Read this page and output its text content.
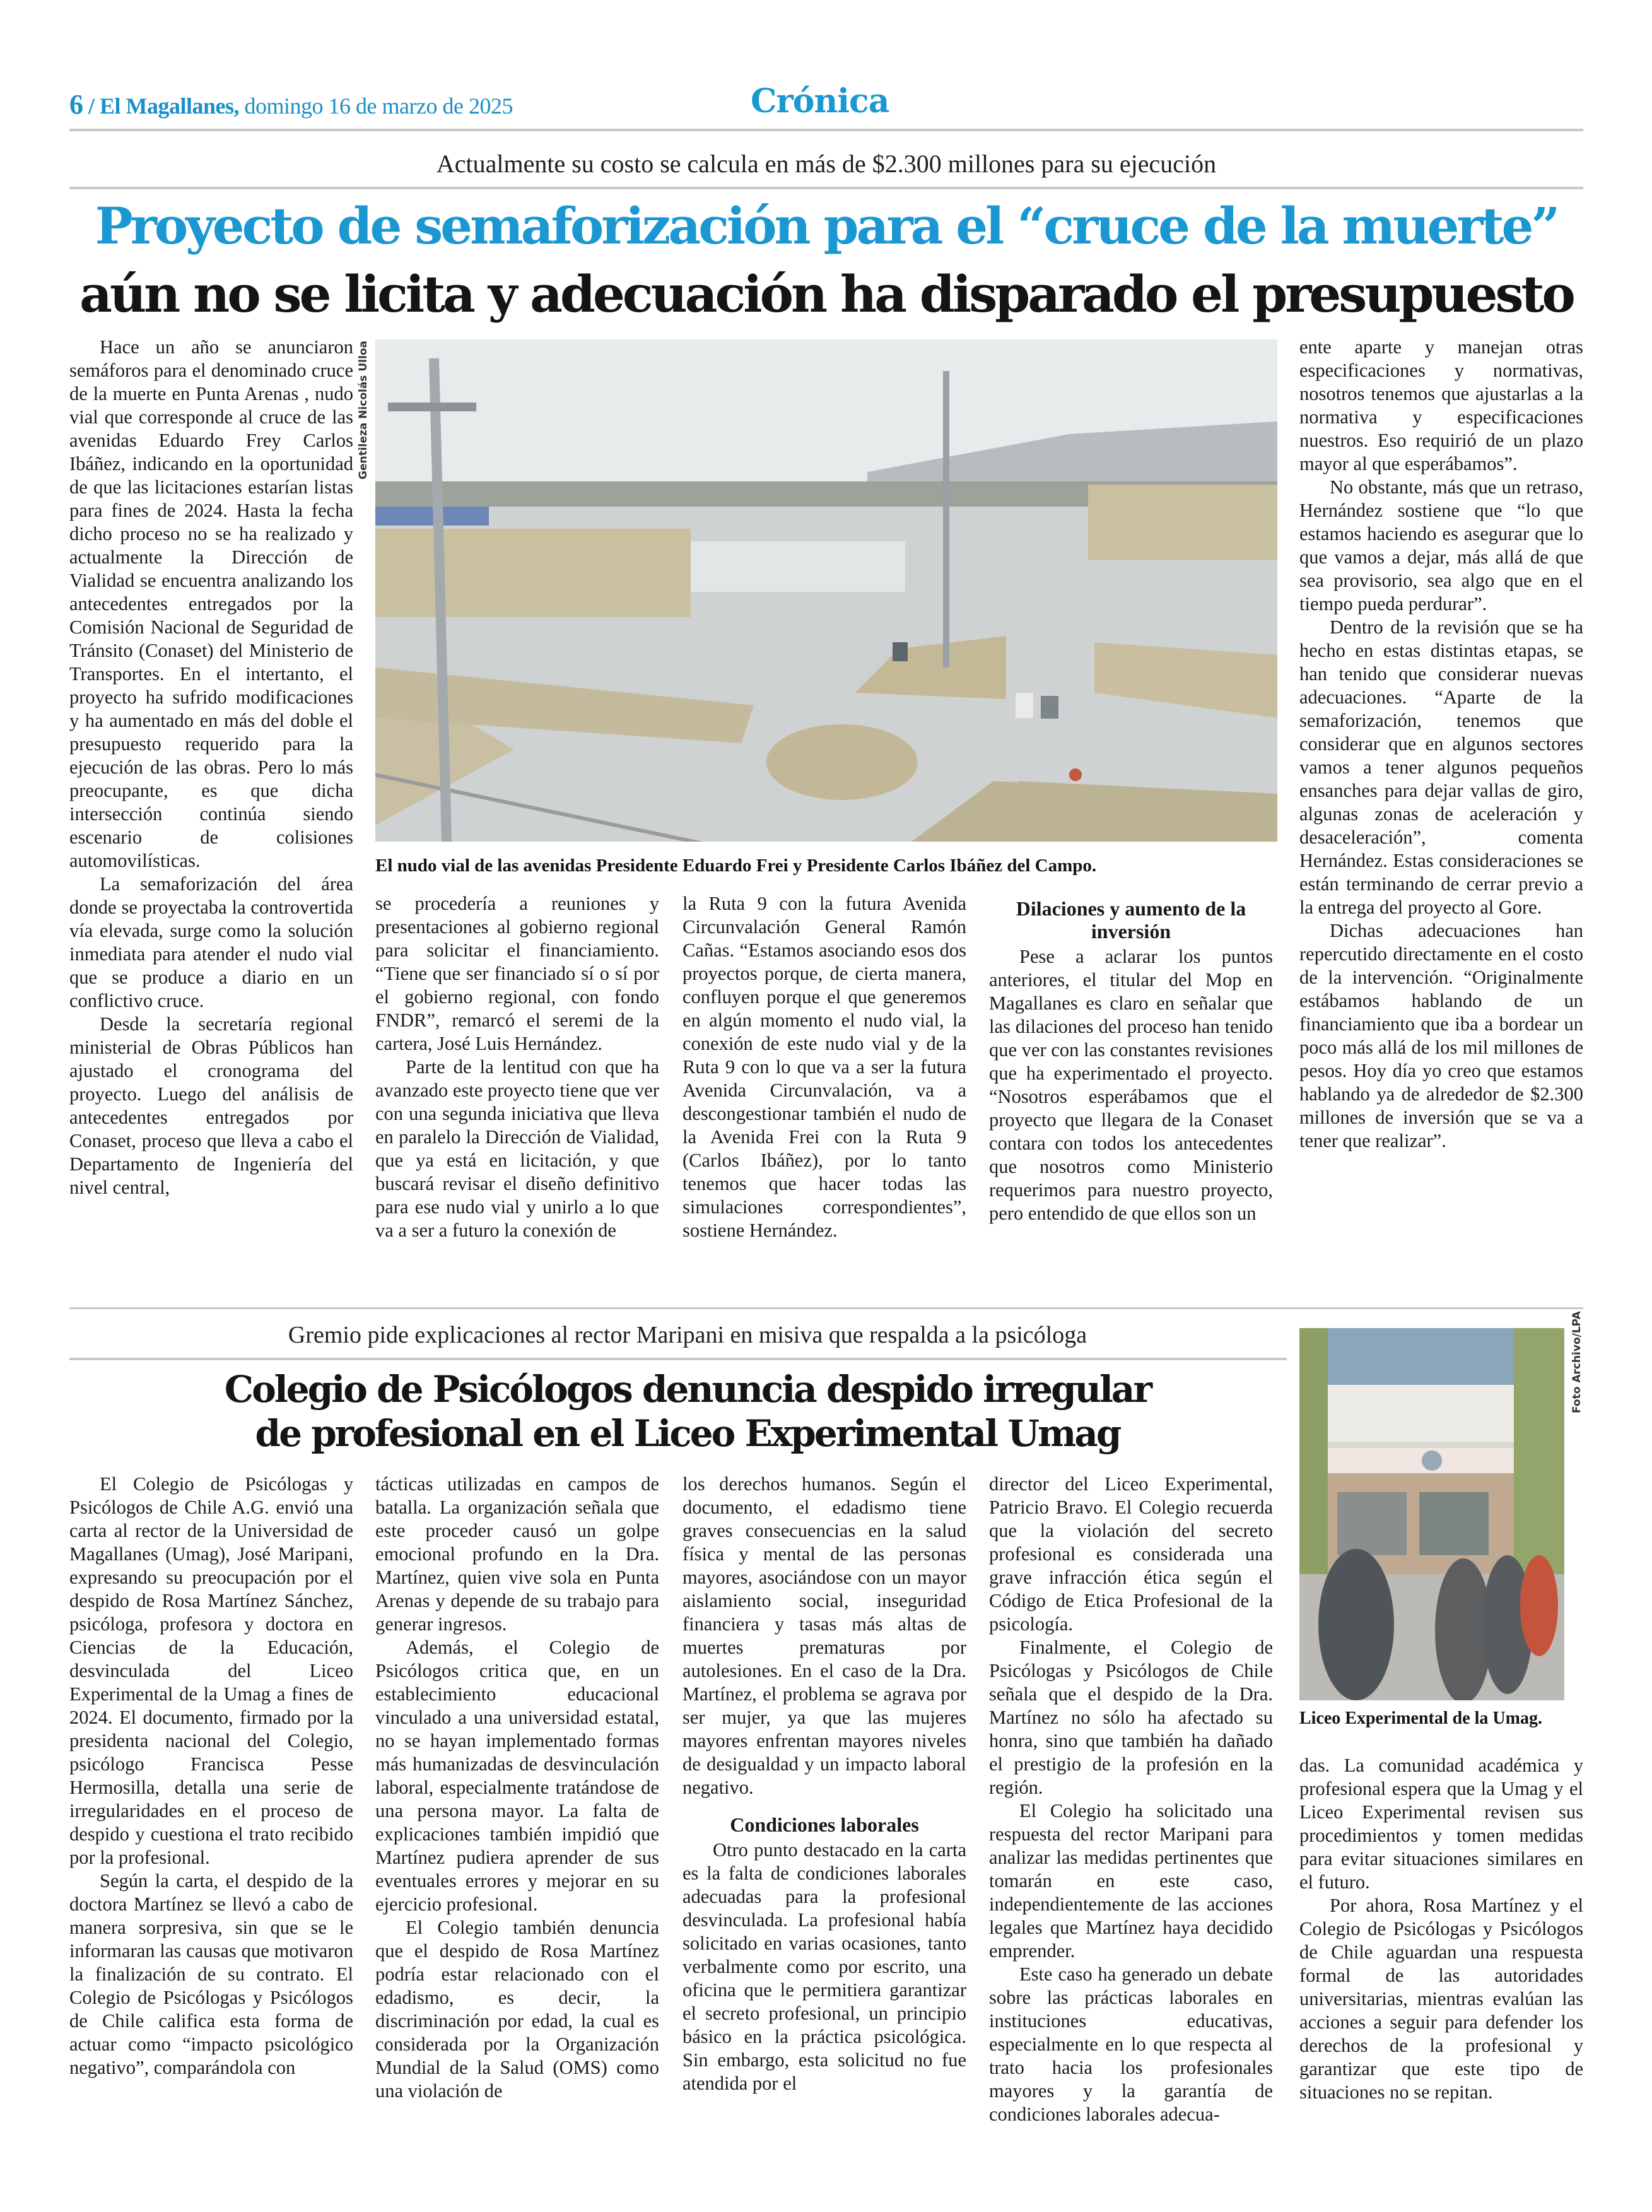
6 / El Magallanes, domingo 16 de marzo de 2025	Crónica
Actualmente su costo se calcula en más de $2.300 millones para su ejecución
Proyecto de semaforización para el “cruce de la muerte”
aún no se licita y adecuación ha disparado el presupuesto

Hace un año se anunciaron semáforos para el denominado cruce de la muerte en Punta Arenas , nudo vial que corresponde al cruce de las avenidas Eduardo Frey Carlos Ibáñez, indicando en la oportunidad de que las licitaciones estarían listas para fines de 2024. Hasta la fecha dicho proceso no se ha realizado y actualmente la Dirección de Vialidad se encuentra analizando los antecedentes entregados por la Comisión Nacional de Seguridad de Tránsito (Conaset) del Ministerio de Transportes. En el intertanto, el proyecto ha sufrido modificaciones y ha aumentado en más del doble el presupuesto requerido para la ejecución de las obras. Pero lo más preocupante, es que dicha intersección continúa siendo escenario de colisiones automovilísticas.

La semaforización del área donde se proyectaba la controvertida vía elevada, surge como la solución inmediata para atender el nudo vial que se produce a diario en un conflictivo cruce.

Desde la secretaría regional ministerial de Obras Públicos han ajustado el cronograma del proyecto. Luego del análisis de antecedentes entregados por Conaset, proceso que lleva a cabo el Departamento de Ingeniería del nivel central,

Gentileza Nicolás Ulloa
El nudo vial de las avenidas Presidente Eduardo Frei y Presidente Carlos Ibáñez del Campo.

se procedería a reuniones y presentaciones al gobierno regional para solicitar el financiamiento. “Tiene que ser financiado sí o sí por el gobierno regional, con fondo FNDR”, remarcó el seremi de la cartera, José Luis Hernández.

Parte de la lentitud con que ha avanzado este proyecto tiene que ver con una segunda iniciativa que lleva en paralelo la Dirección de Vialidad, que ya está en licitación, y que buscará revisar el diseño definitivo para ese nudo vial y unirlo a lo que va a ser a futuro la conexión de

la Ruta 9 con la futura Avenida Circunvalación General Ramón Cañas. “Estamos asociando esos dos proyectos porque, de cierta manera, confluyen porque el que generemos en algún momento el nudo vial, la conexión de este nudo vial y de la Ruta 9 con lo que va a ser la futura Avenida Circunvalación, va a descongestionar también el nudo de la Avenida Frei con la Ruta 9 (Carlos Ibáñez), por lo tanto tenemos que hacer todas las simulaciones correspondientes”, sostiene Hernández.

Dilaciones y aumento de la inversión

Pese a aclarar los puntos anteriores, el titular del Mop en Magallanes es claro en señalar que las dilaciones del proceso han tenido que ver con las constantes revisiones que ha experimentado el proyecto. “Nosotros esperábamos que el proyecto que llegara de la Conaset contara con todos los antecedentes que nosotros como Ministerio requerimos para nuestro proyecto, pero entendido de que ellos son un

ente aparte y manejan otras especificaciones y normativas, nosotros tenemos que ajustarlas a la normativa y especificaciones nuestros. Eso requirió de un plazo mayor al que esperábamos”.

No obstante, más que un retraso, Hernández sostiene que “lo que estamos haciendo es asegurar que lo que vamos a dejar, más allá de que sea provisorio, sea algo que en el tiempo pueda perdurar”.

Dentro de la revisión que se ha hecho en estas distintas etapas, se han tenido que considerar nuevas adecuaciones. “Aparte de la semaforización, tenemos que considerar que en algunos sectores vamos a tener algunos pequeños ensanches para dejar vallas de giro, algunas zonas de aceleración y desaceleración”, comenta Hernández. Estas consideraciones se están terminando de cerrar previo a la entrega del proyecto al Gore.

Dichas adecuaciones han repercutido directamente en el costo de la intervención. “Originalmente estábamos hablando de un financiamiento que iba a bordear un poco más allá de los mil millones de pesos. Hoy día yo creo que estamos hablando ya de alrededor de $2.300 millones de inversión que se va a tener que realizar”.

Gremio pide explicaciones al rector Maripani en misiva que respalda a la psicóloga
Colegio de Psicólogos denuncia despido irregular
de profesional en el Liceo Experimental Umag
Foto Archivo/LPA
Liceo Experimental de la Umag.

El Colegio de Psicólogas y Psicólogos de Chile A.G. envió una carta al rector de la Universidad de Magallanes (Umag), José Maripani, expresando su preocupación por el despido de Rosa Martínez Sánchez, psicóloga, profesora y doctora en Ciencias de la Educación, desvinculada del Liceo Experimental de la Umag a fines de 2024. El documento, firmado por la presidenta nacional del Colegio, psicólogo Francisca Pesse Hermosilla, detalla una serie de irregularidades en el proceso de despido y cuestiona el trato recibido por la profesional.

Según la carta, el despido de la doctora Martínez se llevó a cabo de manera sorpresiva, sin que se le informaran las causas que motivaron la finalización de su contrato. El Colegio de Psicólogas y Psicólogos de Chile califica esta forma de actuar como “impacto psicológico negativo”, comparándola con

tácticas utilizadas en campos de batalla. La organización señala que este proceder causó un golpe emocional profundo en la Dra. Martínez, quien vive sola en Punta Arenas y depende de su trabajo para generar ingresos.

Además, el Colegio de Psicólogos critica que, en un establecimiento educacional vinculado a una universidad estatal, no se hayan implementado formas más humanizadas de desvinculación laboral, especialmente tratándose de una persona mayor. La falta de explicaciones también impidió que Martínez pudiera aprender de sus eventuales errores y mejorar en su ejercicio profesional.

El Colegio también denuncia que el despido de Rosa Martínez podría estar relacionado con el edadismo, es decir, la discriminación por edad, la cual es considerada por la Organización Mundial de la Salud (OMS) como una violación de

los derechos humanos. Según el documento, el edadismo tiene graves consecuencias en la salud física y mental de las personas mayores, asociándose con un mayor aislamiento social, inseguridad financiera y tasas más altas de muertes prematuras por autolesiones. En el caso de la Dra. Martínez, el problema se agrava por ser mujer, ya que las mujeres mayores enfrentan mayores niveles de desigualdad y un impacto laboral negativo.

Condiciones laborales

Otro punto destacado en la carta es la falta de condiciones laborales adecuadas para la profesional desvinculada. La profesional había solicitado en varias ocasiones, tanto verbalmente como por escrito, una oficina que le permitiera garantizar el secreto profesional, un principio básico en la práctica psicológica. Sin embargo, esta solicitud no fue atendida por el

director del Liceo Experimental, Patricio Bravo. El Colegio recuerda que la violación del secreto profesional es considerada una grave infracción ética según el Código de Etica Profesional de la psicología.

Finalmente, el Colegio de Psicólogas y Psicólogos de Chile señala que el despido de la Dra. Martínez no sólo ha afectado su honra, sino que también ha dañado el prestigio de la profesión en la región.

El Colegio ha solicitado una respuesta del rector Maripani para analizar las medidas pertinentes que tomarán en este caso, independientemente de las acciones legales que Martínez haya decidido emprender.

Este caso ha generado un debate sobre las prácticas laborales en instituciones educativas, especialmente en lo que respecta al trato hacia los profesionales mayores y la garantía de condiciones laborales adecua-

das. La comunidad académica y profesional espera que la Umag y el Liceo Experimental revisen sus procedimientos y tomen medidas para evitar situaciones similares en el futuro.

Por ahora, Rosa Martínez y el Colegio de Psicólogas y Psicólogos de Chile aguardan una respuesta formal de las autoridades universitarias, mientras evalúan las acciones a seguir para defender los derechos de la profesional y garantizar que este tipo de situaciones no se repitan.
